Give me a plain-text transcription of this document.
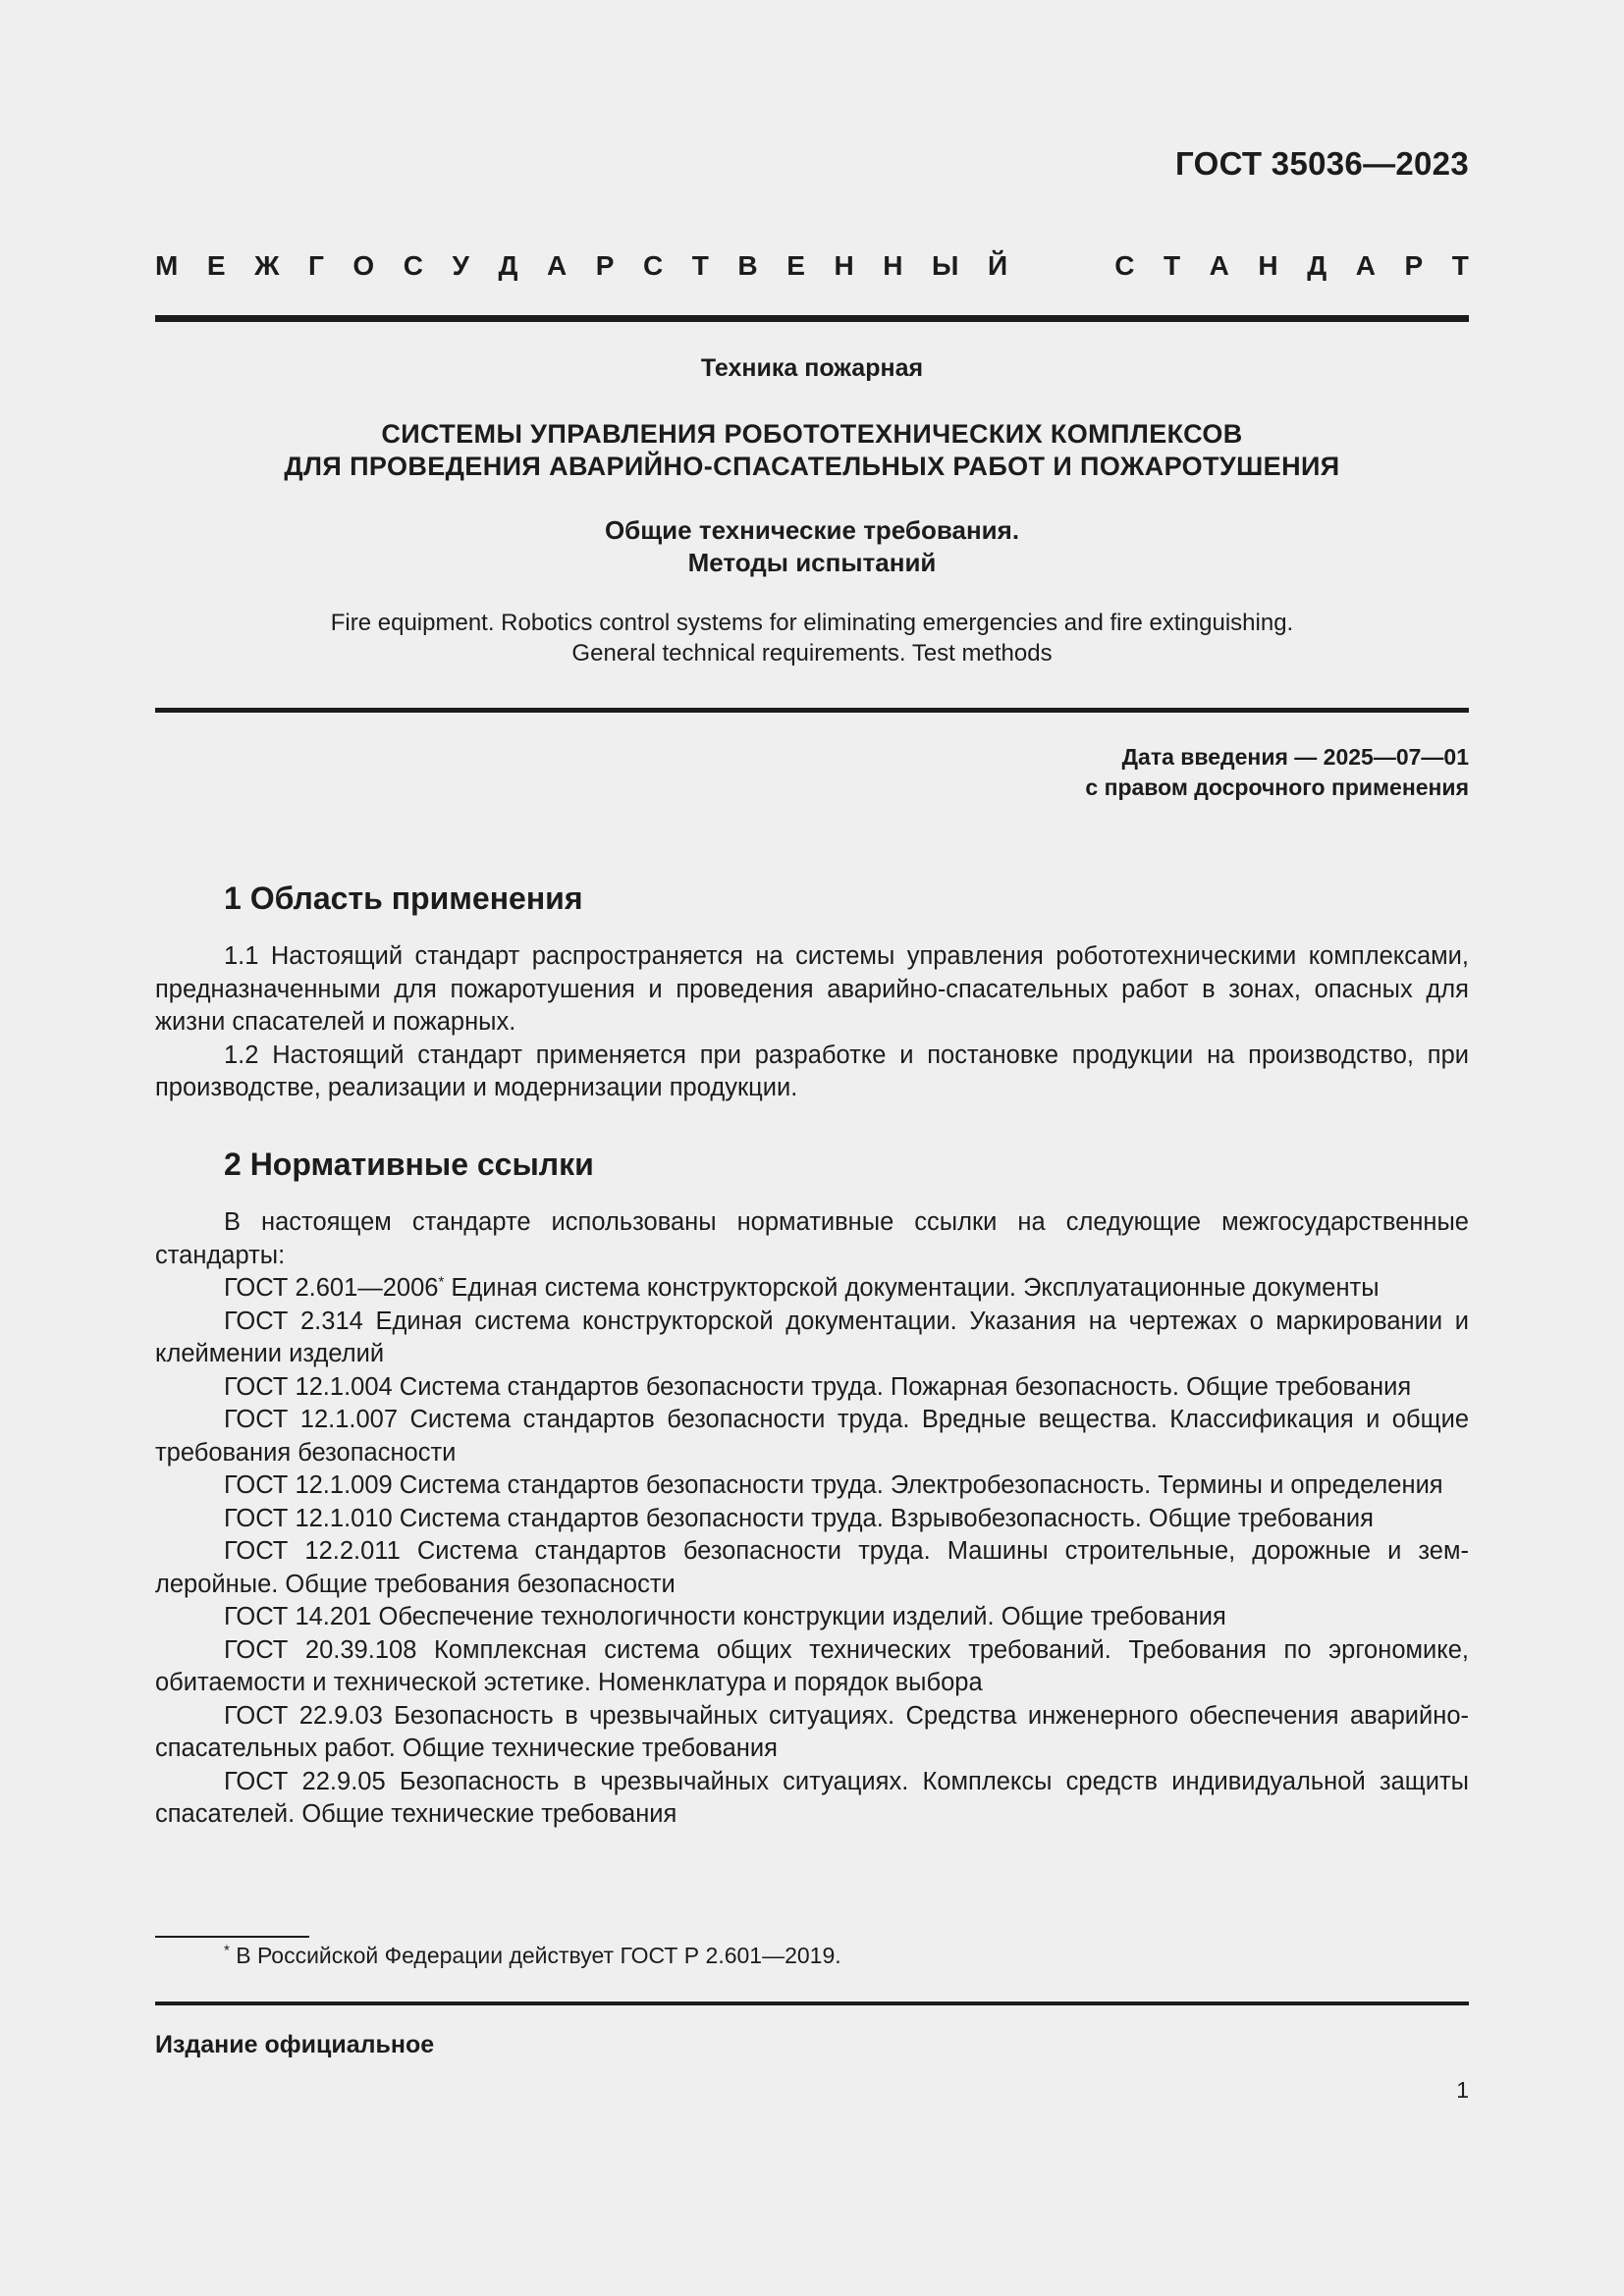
ГОСТ 35036—2023
М Е Ж Г О С У Д А Р С Т В Е Н Н Ы Й	С Т А Н Д А Р Т
Техника пожарная
СИСТЕМЫ УПРАВЛЕНИЯ РОБОТОТЕХНИЧЕСКИХ КОМПЛЕКСОВ
ДЛЯ ПРОВЕДЕНИЯ АВАРИЙНО-СПАСАТЕЛЬНЫХ РАБОТ И ПОЖАРОТУШЕНИЯ
Общие технические требования.
Методы испытаний
Fire equipment. Robotics control systems for eliminating emergencies and fire extinguishing.
General technical requirements. Test methods
Дата введения — 2025—07—01
с правом досрочного применения
1 Область применения

1.1 Настоящий стандарт распространяется на системы управления робототехническими комплексами, предназначенными для пожаротушения и проведения аварийно-спасательных работ в зонах, опасных для жизни спасателей и пожарных.

1.2 Настоящий стандарт применяется при разработке и постановке продукции на производство, при производстве, реализации и модернизации продукции.

2 Нормативные ссылки

В настоящем стандарте использованы нормативные ссылки на следующие межгосударственные стандарты:

ГОСТ 2.601—2006* Единая система конструкторской документации. Эксплуатационные документы

ГОСТ 2.314 Единая система конструкторской документации. Указания на чертежах о маркировании и клеймении изделий

ГОСТ 12.1.004 Система стандартов безопасности труда. Пожарная безопасность. Общие требования

ГОСТ 12.1.007 Система стандартов безопасности труда. Вредные вещества. Классификация и общие требования безопасности

ГОСТ 12.1.009 Система стандартов безопасности труда. Электробезопасность. Термины и определения

ГОСТ 12.1.010 Система стандартов безопасности труда. Взрывобезопасность. Общие требования

ГОСТ 12.2.011 Система стандартов безопасности труда. Машины строительные, дорожные и землеройные. Общие требования безопасности

ГОСТ 14.201 Обеспечение технологичности конструкции изделий. Общие требования

ГОСТ 20.39.108 Комплексная система общих технических требований. Требования по эргономике, обитаемости и технической эстетике. Номенклатура и порядок выбора

ГОСТ 22.9.03 Безопасность в чрезвычайных ситуациях. Средства инженерного обеспечения аварийно-спасательных работ. Общие технические требования

ГОСТ 22.9.05 Безопасность в чрезвычайных ситуациях. Комплексы средств индивидуальной защиты спасателей. Общие технические требования

* В Российской Федерации действует ГОСТ Р 2.601—2019.
Издание официальное
1
